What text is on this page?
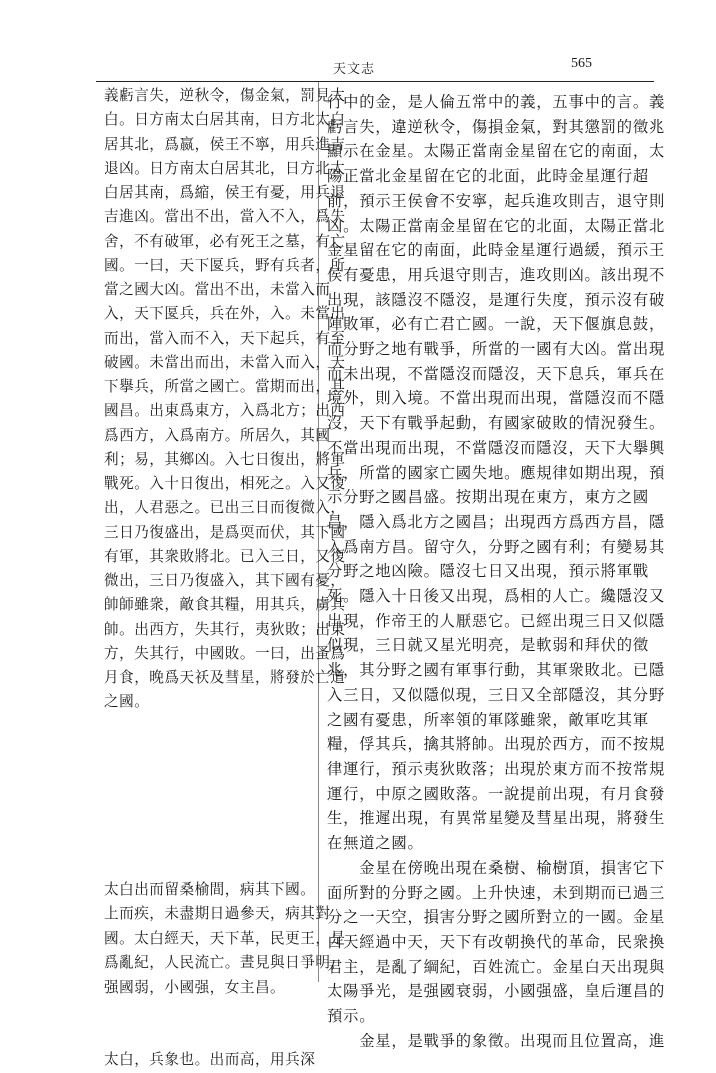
天文志	565
義虧言失，逆秋令，傷金氣，罰見太
白。日方南太白居其南，日方北太白
居其北，爲嬴，侯王不寧，用兵進吉
退凶。日方南太白居其北，日方北太
白居其南，爲縮，侯王有憂，用兵退
吉進凶。當出不出，當入不入，爲失
舍，不有破軍，必有死王之墓，有亡
國。一曰，天下匽兵，野有兵者，所
當之國大凶。當出不出，未當入而
入，天下匽兵，兵在外，入。未當出
而出，當入而不入，天下起兵，有至
破國。未當出而出，未當入而入，天
下擧兵，所當之國亡。當期而出，其
國昌。出東爲東方，入爲北方；出西
爲西方，入爲南方。所居久，其國
利；易，其鄉凶。入七日復出，將軍
戰死。入十日復出，相死之。入又復
出，人君惡之。已出三日而復微入，
三日乃復盛出，是爲耎而伏，其下國
有軍，其衆敗將北。已入三日，又復
微出，三日乃復盛入，其下國有憂，
帥師雖衆，敵食其糧，用其兵，虜其
帥。出西方，失其行，夷狄敗；出東
方，失其行，中國敗。一曰，出蚤爲
月食，晚爲天祅及彗星，將發於亡道
之國。
太白出而留桑榆間，病其下國。
上而疾，未盡期日過參天，病其對
國。太白經天，天下革，民更王，是
爲亂紀，人民流亡。晝見與日爭明，
强國弱，小國强，女主昌。
太白，兵象也。出而高，用兵深
行中的金，是人倫五常中的義，五事中的言。義
虧言失，違逆秋令，傷損金氣，對其懲罰的徵兆
顯示在金星。太陽正當南金星留在它的南面，太
陽正當北金星留在它的北面，此時金星運行超
前，預示王侯會不安寧，起兵進攻則吉，退守則
凶。太陽正當南金星留在它的北面，太陽正當北
金星留在它的南面，此時金星運行過緩，預示王
侯有憂患，用兵退守則吉，進攻則凶。該出現不
出現，該隱沒不隱沒，是運行失度，預示沒有破
陣敗軍，必有亡君亡國。一說，天下偃旗息鼓，
而分野之地有戰爭，所當的一國有大凶。當出現
而未出現，不當隱沒而隱沒，天下息兵，軍兵在
境外，則入境。不當出現而出現，當隱沒而不隱
沒，天下有戰爭起動，有國家破敗的情況發生。
不當出現而出現，不當隱沒而隱沒，天下大擧興
兵，所當的國家亡國失地。應規律如期出現，預
示分野之國昌盛。按期出現在東方，東方之國
昌，隱入爲北方之國昌；出現西方爲西方昌，隱
入爲南方昌。留守久，分野之國有利；有變易其
分野之地凶險。隱沒七日又出現，預示將軍戰
死。隱入十日後又出現，爲相的人亡。纔隱沒又
出現，作帝王的人厭惡它。已經出現三日又似隱
似現，三日就又星光明亮，是軟弱和拜伏的徵
兆，其分野之國有軍事行動，其軍衆敗北。已隱
入三日，又似隱似現，三日又全部隱沒，其分野
之國有憂患，所率領的軍隊雖衆，敵軍吃其軍
糧，俘其兵，擒其將帥。出現於西方，而不按規
律運行，預示夷狄敗落；出現於東方而不按常規
運行，中原之國敗落。一說提前出現，有月食發
生，推遲出現，有異常星變及彗星出現，將發生
在無道之國。
　　金星在傍晚出現在桑樹、榆樹頂，損害它下
面所對的分野之國。上升快速，未到期而已過三
分之一天空，損害分野之國所對立的一國。金星
白天經過中天，天下有改朝換代的革命，民衆換
君主，是亂了綱紀，百姓流亡。金星白天出現與
太陽爭光，是强國衰弱，小國强盛，皇后運昌的
預示。
　　金星，是戰爭的象徵。出現而且位置高，進
